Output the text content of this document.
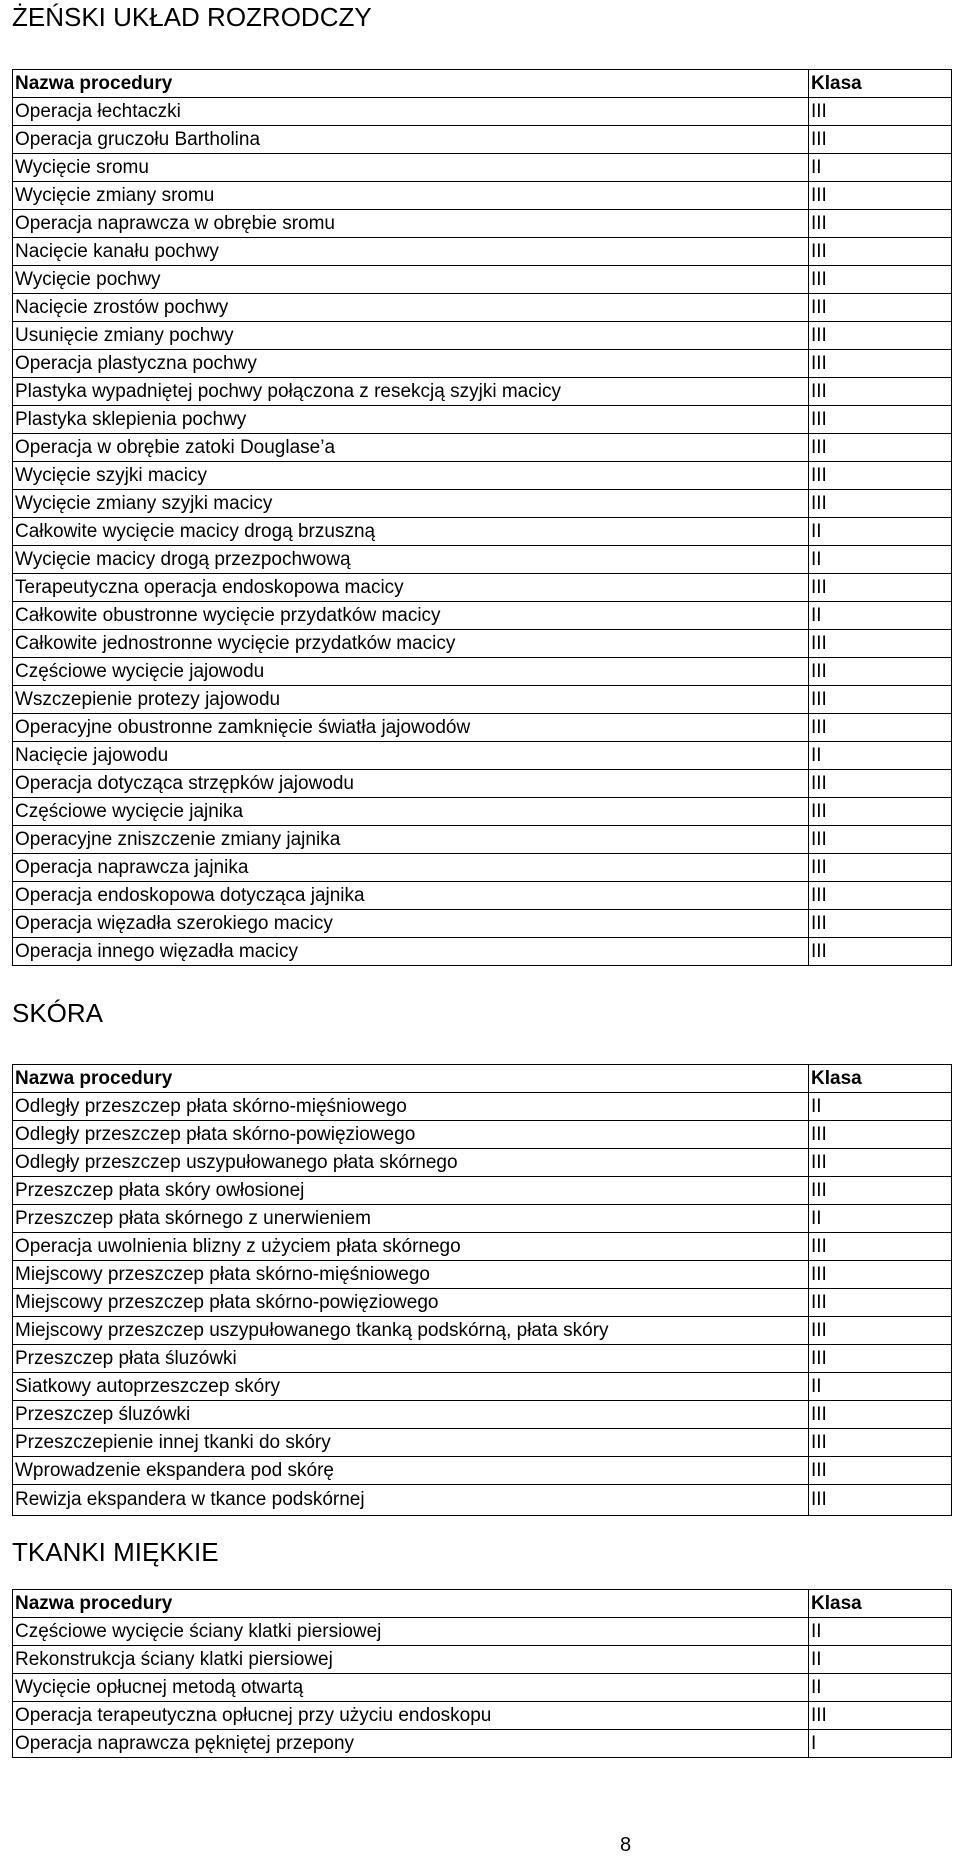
ŻEŃSKI UKŁAD ROZRODCZY
Nazwa procedury	Klasa
Operacja łechtaczki	III
Operacja gruczołu Bartholina	III
Wycięcie sromu	II
Wycięcie zmiany sromu	III
Operacja naprawcza w obrębie sromu	III
Nacięcie kanału pochwy	III
Wycięcie pochwy	III
Nacięcie zrostów pochwy	III
Usunięcie zmiany pochwy	III
Operacja plastyczna pochwy	III
Plastyka wypadniętej pochwy połączona z resekcją szyjki macicy	III
Plastyka sklepienia pochwy	III
Operacja w obrębie zatoki Douglase’a	III
Wycięcie szyjki macicy	III
Wycięcie zmiany szyjki macicy	III
Całkowite wycięcie macicy drogą brzuszną	II
Wycięcie macicy drogą przezpochwową	II
Terapeutyczna operacja endoskopowa macicy	III
Całkowite obustronne wycięcie przydatków macicy	II
Całkowite jednostronne wycięcie przydatków macicy	III
Częściowe wycięcie jajowodu	III
Wszczepienie protezy jajowodu	III
Operacyjne obustronne zamknięcie światła jajowodów	III
Nacięcie jajowodu	II
Operacja dotycząca strzępków jajowodu	III
Częściowe wycięcie jajnika	III
Operacyjne zniszczenie zmiany jajnika	III
Operacja naprawcza jajnika	III
Operacja endoskopowa dotycząca jajnika	III
Operacja więzadła szerokiego macicy	III
Operacja innego więzadła macicy	III
SKÓRA
Nazwa procedury	Klasa
Odległy przeszczep płata skórno-mięśniowego	II
Odległy przeszczep płata skórno-powięziowego	III
Odległy przeszczep uszypułowanego płata skórnego	III
Przeszczep płata skóry owłosionej	III
Przeszczep płata skórnego z unerwieniem	II
Operacja uwolnienia blizny z użyciem płata skórnego	III
Miejscowy przeszczep płata skórno-mięśniowego	III
Miejscowy przeszczep płata skórno-powięziowego	III
Miejscowy przeszczep uszypułowanego tkanką podskórną, płata skóry	III
Przeszczep płata śluzówki	III
Siatkowy autoprzeszczep skóry	II
Przeszczep śluzówki	III
Przeszczepienie innej tkanki do skóry	III
Wprowadzenie ekspandera pod skórę	III
Rewizja ekspandera w tkance podskórnej	III
TKANKI MIĘKKIE
Nazwa procedury	Klasa
Częściowe wycięcie ściany klatki piersiowej	II
Rekonstrukcja ściany klatki piersiowej	II
Wycięcie opłucnej metodą otwartą	II
Operacja terapeutyczna opłucnej przy użyciu endoskopu	III
Operacja naprawcza pękniętej przepony	I
8
